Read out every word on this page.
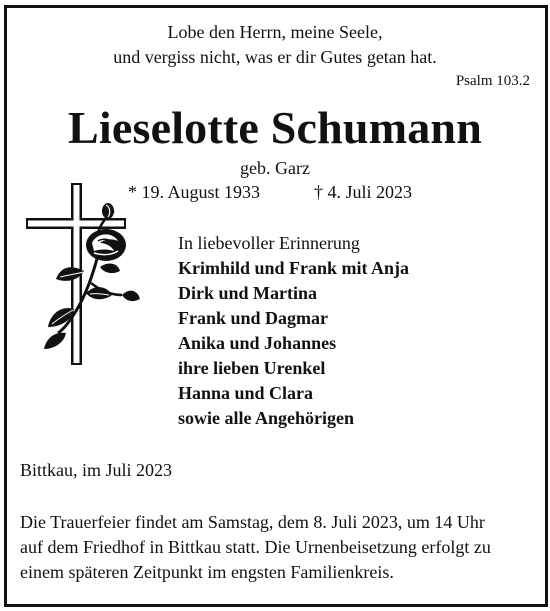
Lobe den Herrn, meine Seele,
und vergiss nicht, was er dir Gutes getan hat.
Psalm 103.2
Lieselotte Schumann
geb. Garz
* 19. August 1933	† 4. Juli 2023
In liebevoller Erinnerung
Krimhild und Frank mit Anja
Dirk und Martina
Frank und Dagmar
Anika und Johannes
ihre lieben Urenkel
Hanna und Clara
sowie alle Angehörigen
Bittkau, im Juli 2023
Die Trauerfeier findet am Samstag, dem 8. Juli 2023, um 14 Uhr
auf dem Friedhof in Bittkau statt. Die Urnenbeisetzung erfolgt zu
einem späteren Zeitpunkt im engsten Familienkreis.
